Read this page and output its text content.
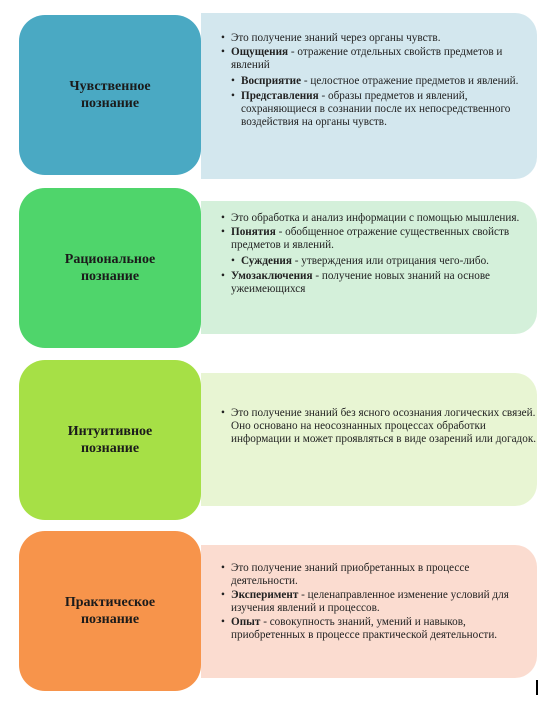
Чувственное
познание
• Это получение знаний через органы чувств.
• Ощущения - отражение отдельных свойств предметов и явлений
• Восприятие - целостное отражение предметов и явлений.
• Представления - образы предметов и явлений, сохраняющиеся в сознании после их непосредственного воздействия на органы чувств.
Рациональное
познание
• Это обработка и анализ информации с помощью мышления.
• Понятия - обобщенное отражение существенных свойств предметов и явлений.
• Суждения - утверждения или отрицания чего-либо.
• Умозаключения - получение новых знаний на основе ужеимеющихся
Интуитивное
познание
• Это получение знаний без ясного осознания логических связей. Оно основано на неосознанных процессах обработки информации и может проявляться в виде озарений или догадок.
Практическое
познание
• Это получение знаний приобретанных в процессе деятельности.
• Эксперимент - целенаправленное изменение условий для изучения явлений и процессов.
• Опыт - совокупность знаний, умений и навыков, приобретенных в процессе практической деятельности.
